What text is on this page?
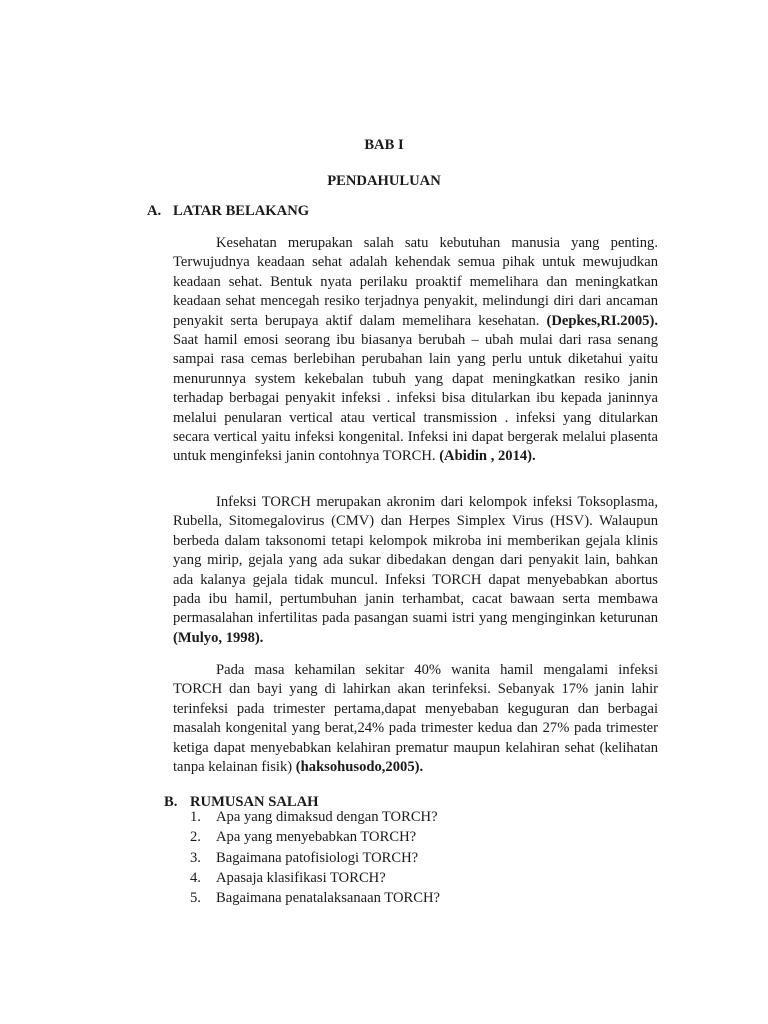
BAB I
PENDAHULUAN
A. LATAR BELAKANG

Kesehatan merupakan salah satu kebutuhan manusia yang penting. Terwujudnya keadaan sehat adalah kehendak semua pihak untuk mewujudkan keadaan sehat. Bentuk nyata perilaku proaktif memelihara dan meningkatkan keadaan sehat mencegah resiko terjadnya penyakit, melindungi diri dari ancaman penyakit serta berupaya aktif dalam memelihara kesehatan. (Depkes,RI.2005). Saat hamil emosi seorang ibu biasanya berubah – ubah mulai dari rasa senang sampai rasa cemas berlebihan perubahan lain yang perlu untuk diketahui yaitu menurunnya system kekebalan tubuh yang dapat meningkatkan resiko janin terhadap berbagai penyakit infeksi . infeksi bisa ditularkan ibu kepada janinnya melalui penularan vertical atau vertical transmission . infeksi yang ditularkan secara vertical yaitu infeksi kongenital. Infeksi ini dapat bergerak melalui plasenta untuk menginfeksi janin contohnya TORCH. (Abidin , 2014).

Infeksi TORCH merupakan akronim dari kelompok infeksi Toksoplasma, Rubella, Sitomegalovirus (CMV) dan Herpes Simplex Virus (HSV). Walaupun berbeda dalam taksonomi tetapi kelompok mikroba ini memberikan gejala klinis yang mirip, gejala yang ada sukar dibedakan dengan dari penyakit lain, bahkan ada kalanya gejala tidak muncul. Infeksi TORCH dapat menyebabkan abortus pada ibu hamil, pertumbuhan janin terhambat, cacat bawaan serta membawa permasalahan infertilitas pada pasangan suami istri yang menginginkan keturunan (Mulyo, 1998).

Pada masa kehamilan sekitar 40% wanita hamil mengalami infeksi TORCH dan bayi yang di lahirkan akan terinfeksi. Sebanyak 17% janin lahir terinfeksi pada trimester pertama,dapat menyebaban keguguran dan berbagai masalah kongenital yang berat,24% pada trimester kedua dan 27% pada trimester ketiga dapat menyebabkan kelahiran prematur maupun kelahiran sehat (kelihatan tanpa kelainan fisik) (haksohusodo,2005).

B. RUMUSAN SALAH
1. Apa yang dimaksud dengan TORCH?
2. Apa yang menyebabkan TORCH?
3. Bagaimana patofisiologi TORCH?
4. Apasaja klasifikasi TORCH?
5. Bagaimana penatalaksanaan TORCH?
